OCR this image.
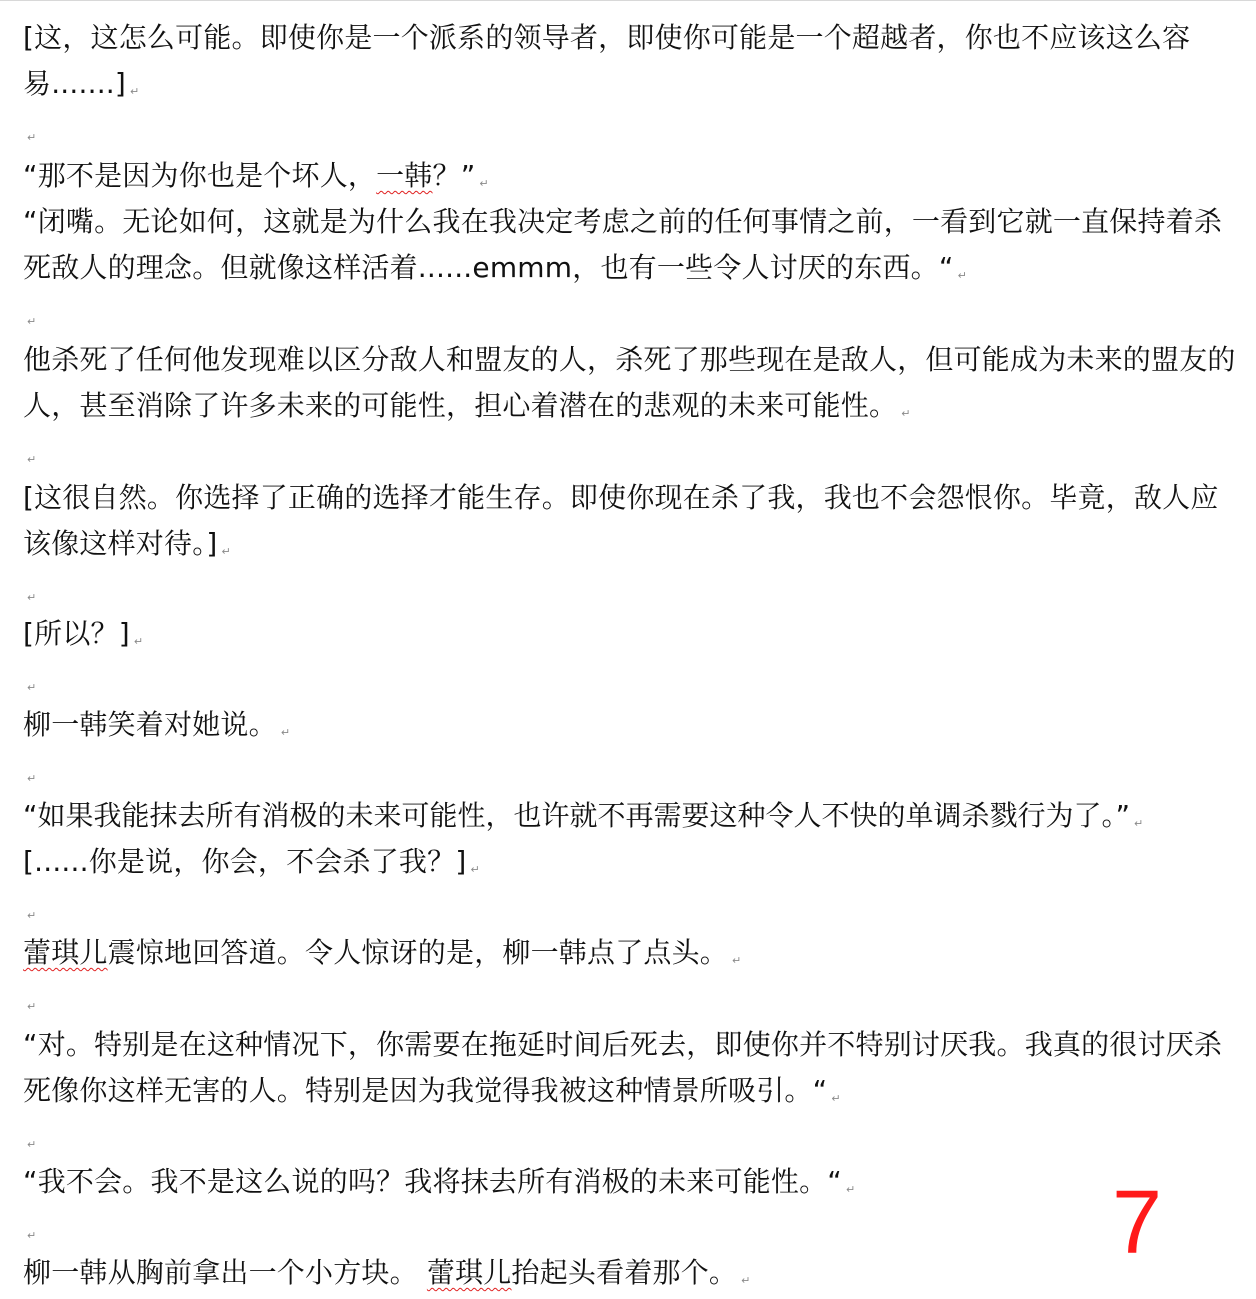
[这，这怎么可能。即使你是一个派系的领导者，即使你可能是一个超越者，你也不应该这么容易.......] ↵
↵
“那不是因为你也是个坏人，一韩？” ↵
“闭嘴。无论如何，这就是为什么我在我决定考虑之前的任何事情之前，一看到它就一直保持着杀死敌人的理念。但就像这样活着......emmm，也有一些令人讨厌的东西。“ ↵
↵
他杀死了任何他发现难以区分敌人和盟友的人，杀死了那些现在是敌人，但可能成为未来的盟友的人，甚至消除了许多未来的可能性，担心着潜在的悲观的未来可能性。 ↵
↵
[这很自然。你选择了正确的选择才能生存。即使你现在杀了我，我也不会怨恨你。毕竟，敌人应该像这样对待。] ↵
↵
[所以？] ↵
↵
柳一韩笑着对她说。 ↵
↵
“如果我能抹去所有消极的未来可能性，也许就不再需要这种令人不快的单调杀戮行为了。” ↵
[......你是说，你会，不会杀了我？] ↵
↵
蕾琪儿震惊地回答道。令人惊讶的是，柳一韩点了点头。 ↵
↵
“对。特别是在这种情况下，你需要在拖延时间后死去，即使你并不特别讨厌我。我真的很讨厌杀死像你这样无害的人。特别是因为我觉得我被这种情景所吸引。“ ↵
↵
“我不会。我不是这么说的吗？我将抹去所有消极的未来可能性。“ ↵
↵
柳一韩从胸前拿出一个小方块。 蕾琪儿抬起头看着那个。 ↵
7
